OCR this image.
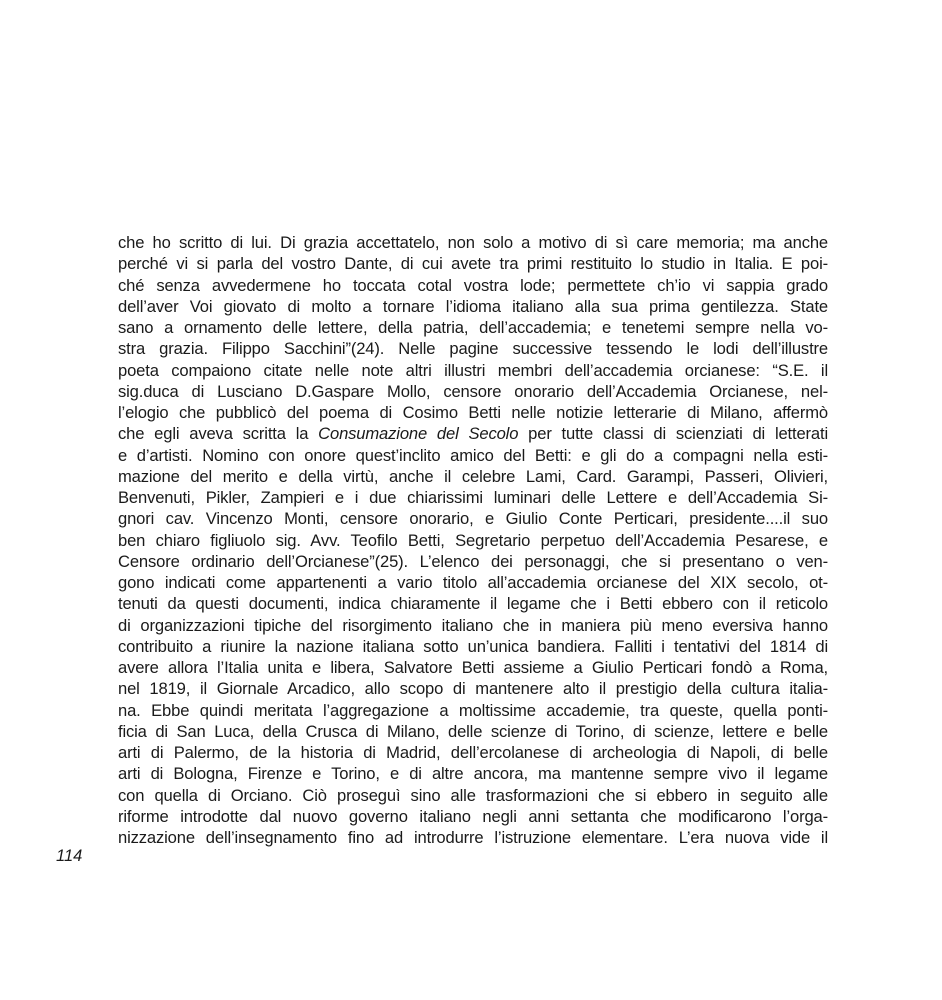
che ho scritto di lui. Di grazia accettatelo, non solo a motivo di sì care memoria; ma anche
perché vi si parla del vostro Dante, di cui avete tra primi restituito lo studio in Italia. E poi-
ché senza avvedermene ho toccata cotal vostra lode; permettete ch’io vi sappia grado
dell’aver Voi giovato di molto a tornare l’idioma italiano alla sua prima gentilezza. State
sano a ornamento delle lettere, della patria, dell’accademia; e tenetemi sempre nella vo-
stra grazia. Filippo Sacchini”(24). Nelle pagine successive tessendo le lodi dell’illustre
poeta compaiono citate nelle note altri illustri membri dell’accademia orcianese: “S.E. il
sig.duca di Lusciano D.Gaspare Mollo, censore onorario dell’Accademia Orcianese, nel-
l’elogio che pubblicò del poema di Cosimo Betti nelle notizie letterarie di Milano, affermò
che egli aveva scritta la Consumazione del Secolo per tutte classi di scienziati di letterati
e d’artisti. Nomino con onore quest’inclito amico del Betti: e gli do a compagni nella esti-
mazione del merito e della virtù, anche il celebre Lami, Card. Garampi, Passeri, Olivieri,
Benvenuti, Pikler, Zampieri e i due chiarissimi luminari delle Lettere e dell’Accademia Si-
gnori cav. Vincenzo Monti, censore onorario, e Giulio Conte Perticari, presidente....il suo
ben chiaro figliuolo sig. Avv. Teofilo Betti, Segretario perpetuo dell’Accademia Pesarese, e
Censore ordinario dell’Orcianese”(25). L’elenco dei personaggi, che si presentano o ven-
gono indicati come appartenenti a vario titolo all’accademia orcianese del XIX secolo, ot-
tenuti da questi documenti, indica chiaramente il legame che i Betti ebbero con il reticolo
di organizzazioni tipiche del risorgimento italiano che in maniera più meno eversiva hanno
contribuito a riunire la nazione italiana sotto un’unica bandiera. Falliti i tentativi del 1814 di
avere allora l’Italia unita e libera, Salvatore Betti assieme a Giulio Perticari fondò a Roma,
nel 1819, il Giornale Arcadico, allo scopo di mantenere alto il prestigio della cultura italia-
na. Ebbe quindi meritata l’aggregazione a moltissime accademie, tra queste, quella ponti-
ficia di San Luca, della Crusca di Milano, delle scienze di Torino, di scienze, lettere e belle
arti di Palermo, de la historia di Madrid, dell’ercolanese di archeologia di Napoli, di belle
arti di Bologna, Firenze e Torino, e di altre ancora, ma mantenne sempre vivo il legame
con quella di Orciano. Ciò proseguì sino alle trasformazioni che si ebbero in seguito alle
riforme introdotte dal nuovo governo italiano negli anni settanta che modificarono l’orga-
nizzazione dell’insegnamento fino ad introdurre l’istruzione elementare. L’era nuova vide il
114
